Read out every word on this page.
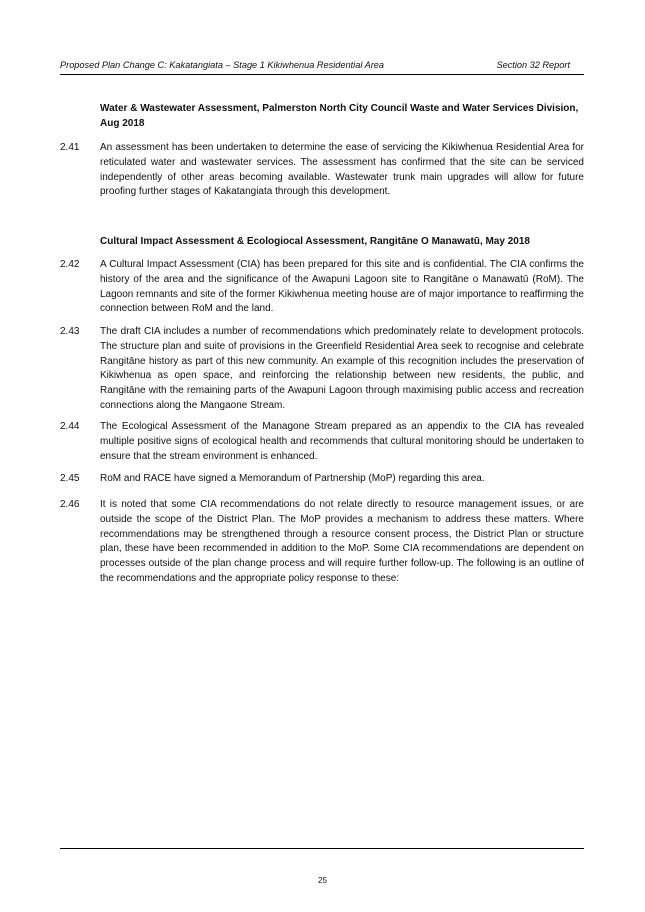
Proposed Plan Change C: Kakatangiata – Stage 1 Kikiwhenua Residential Area	Section 32 Report
Water & Wastewater Assessment, Palmerston North City Council Waste and Water Services Division, Aug 2018
2.41	An assessment has been undertaken to determine the ease of servicing the Kikiwhenua Residential Area for reticulated water and wastewater services. The assessment has confirmed that the site can be serviced independently of other areas becoming available. Wastewater trunk main upgrades will allow for future proofing further stages of Kakatangiata through this development.
Cultural Impact Assessment & Ecologiocal Assessment, Rangitāne O Manawatū, May 2018
2.42	A Cultural Impact Assessment (CIA) has been prepared for this site and is confidential. The CIA confirms the history of the area and the significance of the Awapuni Lagoon site to Rangitāne o Manawatū (RoM). The Lagoon remnants and site of the former Kikiwhenua meeting house are of major importance to reaffirming the connection between RoM and the land.
2.43	The draft CIA includes a number of recommendations which predominately relate to development protocols. The structure plan and suite of provisions in the Greenfield Residential Area seek to recognise and celebrate Rangitāne history as part of this new community. An example of this recognition includes the preservation of Kikiwhenua as open space, and reinforcing the relationship between new residents, the public, and Rangitāne with the remaining parts of the Awapuni Lagoon through maximising public access and recreation connections along the Mangaone Stream.
2.44	The Ecological Assessment of the Managone Stream prepared as an appendix to the CIA has revealed multiple positive signs of ecological health and recommends that cultural monitoring should be undertaken to ensure that the stream environment is enhanced.
2.45	RoM and RACE have signed a Memorandum of Partnership (MoP) regarding this area.
2.46	It is noted that some CIA recommendations do not relate directly to resource management issues, or are outside the scope of the District Plan. The MoP provides a mechanism to address these matters. Where recommendations may be strengthened through a resource consent process, the District Plan or structure plan, these have been recommended in addition to the MoP. Some CIA recommendations are dependent on processes outside of the plan change process and will require further follow-up. The following is an outline of the recommendations and the appropriate policy response to these:
25
